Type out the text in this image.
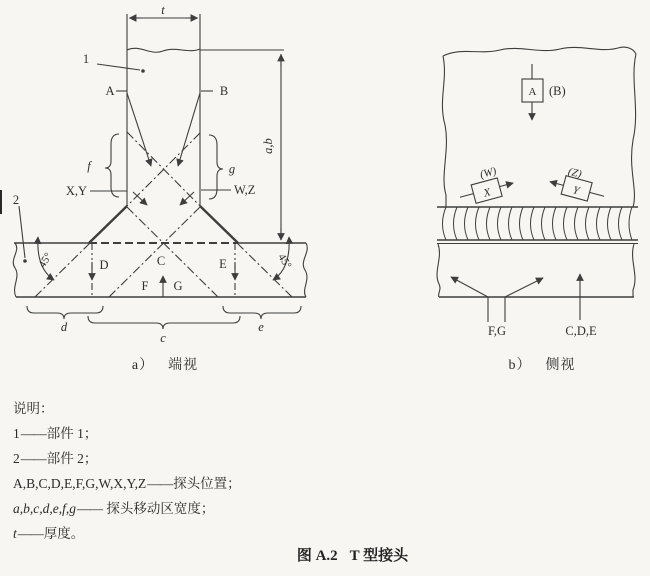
t
1
2
A	B
a,b
f	g
X,Y	W,Z
45°	45°
D	C	E
F G
d
c
e
A (B)
(W)
X
(Z)
Y
F,G	C,D,E
a） 端视	b） 侧视
说明：
1——部件 1；
2——部件 2；
A,B,C,D,E,F,G,W,X,Y,Z——探头位置；
a,b,c,d,e,f,g—— 探头移动区宽度；
t——厚度。
图 A.2 T 型接头
